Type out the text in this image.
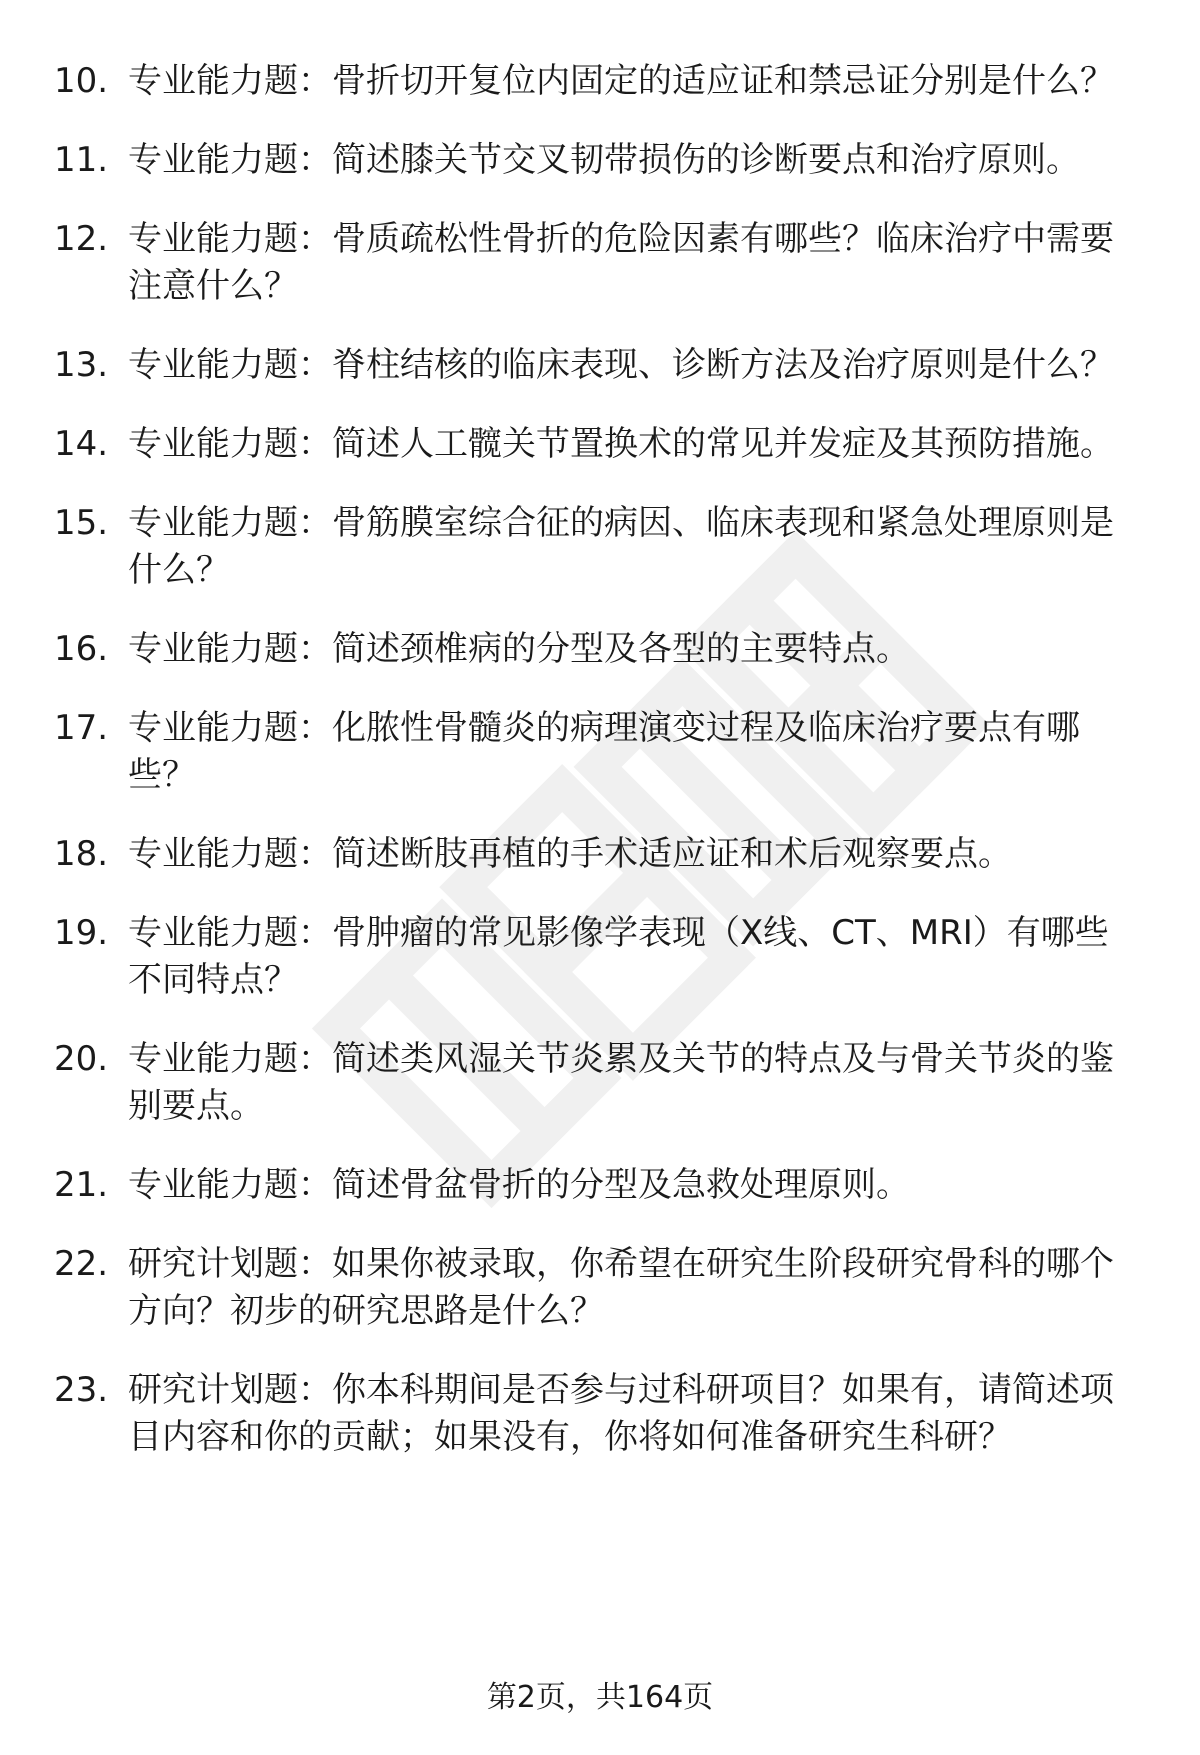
10. 专业能力题：骨折切开复位内固定的适应证和禁忌证分别是什么？
11. 专业能力题：简述膝关节交叉韧带损伤的诊断要点和治疗原则。
12. 专业能力题：骨质疏松性骨折的危险因素有哪些？临床治疗中需要注意什么？
13. 专业能力题：脊柱结核的临床表现、诊断方法及治疗原则是什么？
14. 专业能力题：简述人工髋关节置换术的常见并发症及其预防措施。
15. 专业能力题：骨筋膜室综合征的病因、临床表现和紧急处理原则是什么？
16. 专业能力题：简述颈椎病的分型及各型的主要特点。
17. 专业能力题：化脓性骨髓炎的病理演变过程及临床治疗要点有哪些？
18. 专业能力题：简述断肢再植的手术适应证和术后观察要点。
19. 专业能力题：骨肿瘤的常见影像学表现（X线、CT、MRI）有哪些不同特点？
20. 专业能力题：简述类风湿关节炎累及关节的特点及与骨关节炎的鉴别要点。
21. 专业能力题：简述骨盆骨折的分型及急救处理原则。
22. 研究计划题：如果你被录取，你希望在研究生阶段研究骨科的哪个方向？初步的研究思路是什么？
23. 研究计划题：你本科期间是否参与过科研项目？如果有，请简述项目内容和你的贡献；如果没有，你将如何准备研究生科研？
第2页，共164页
